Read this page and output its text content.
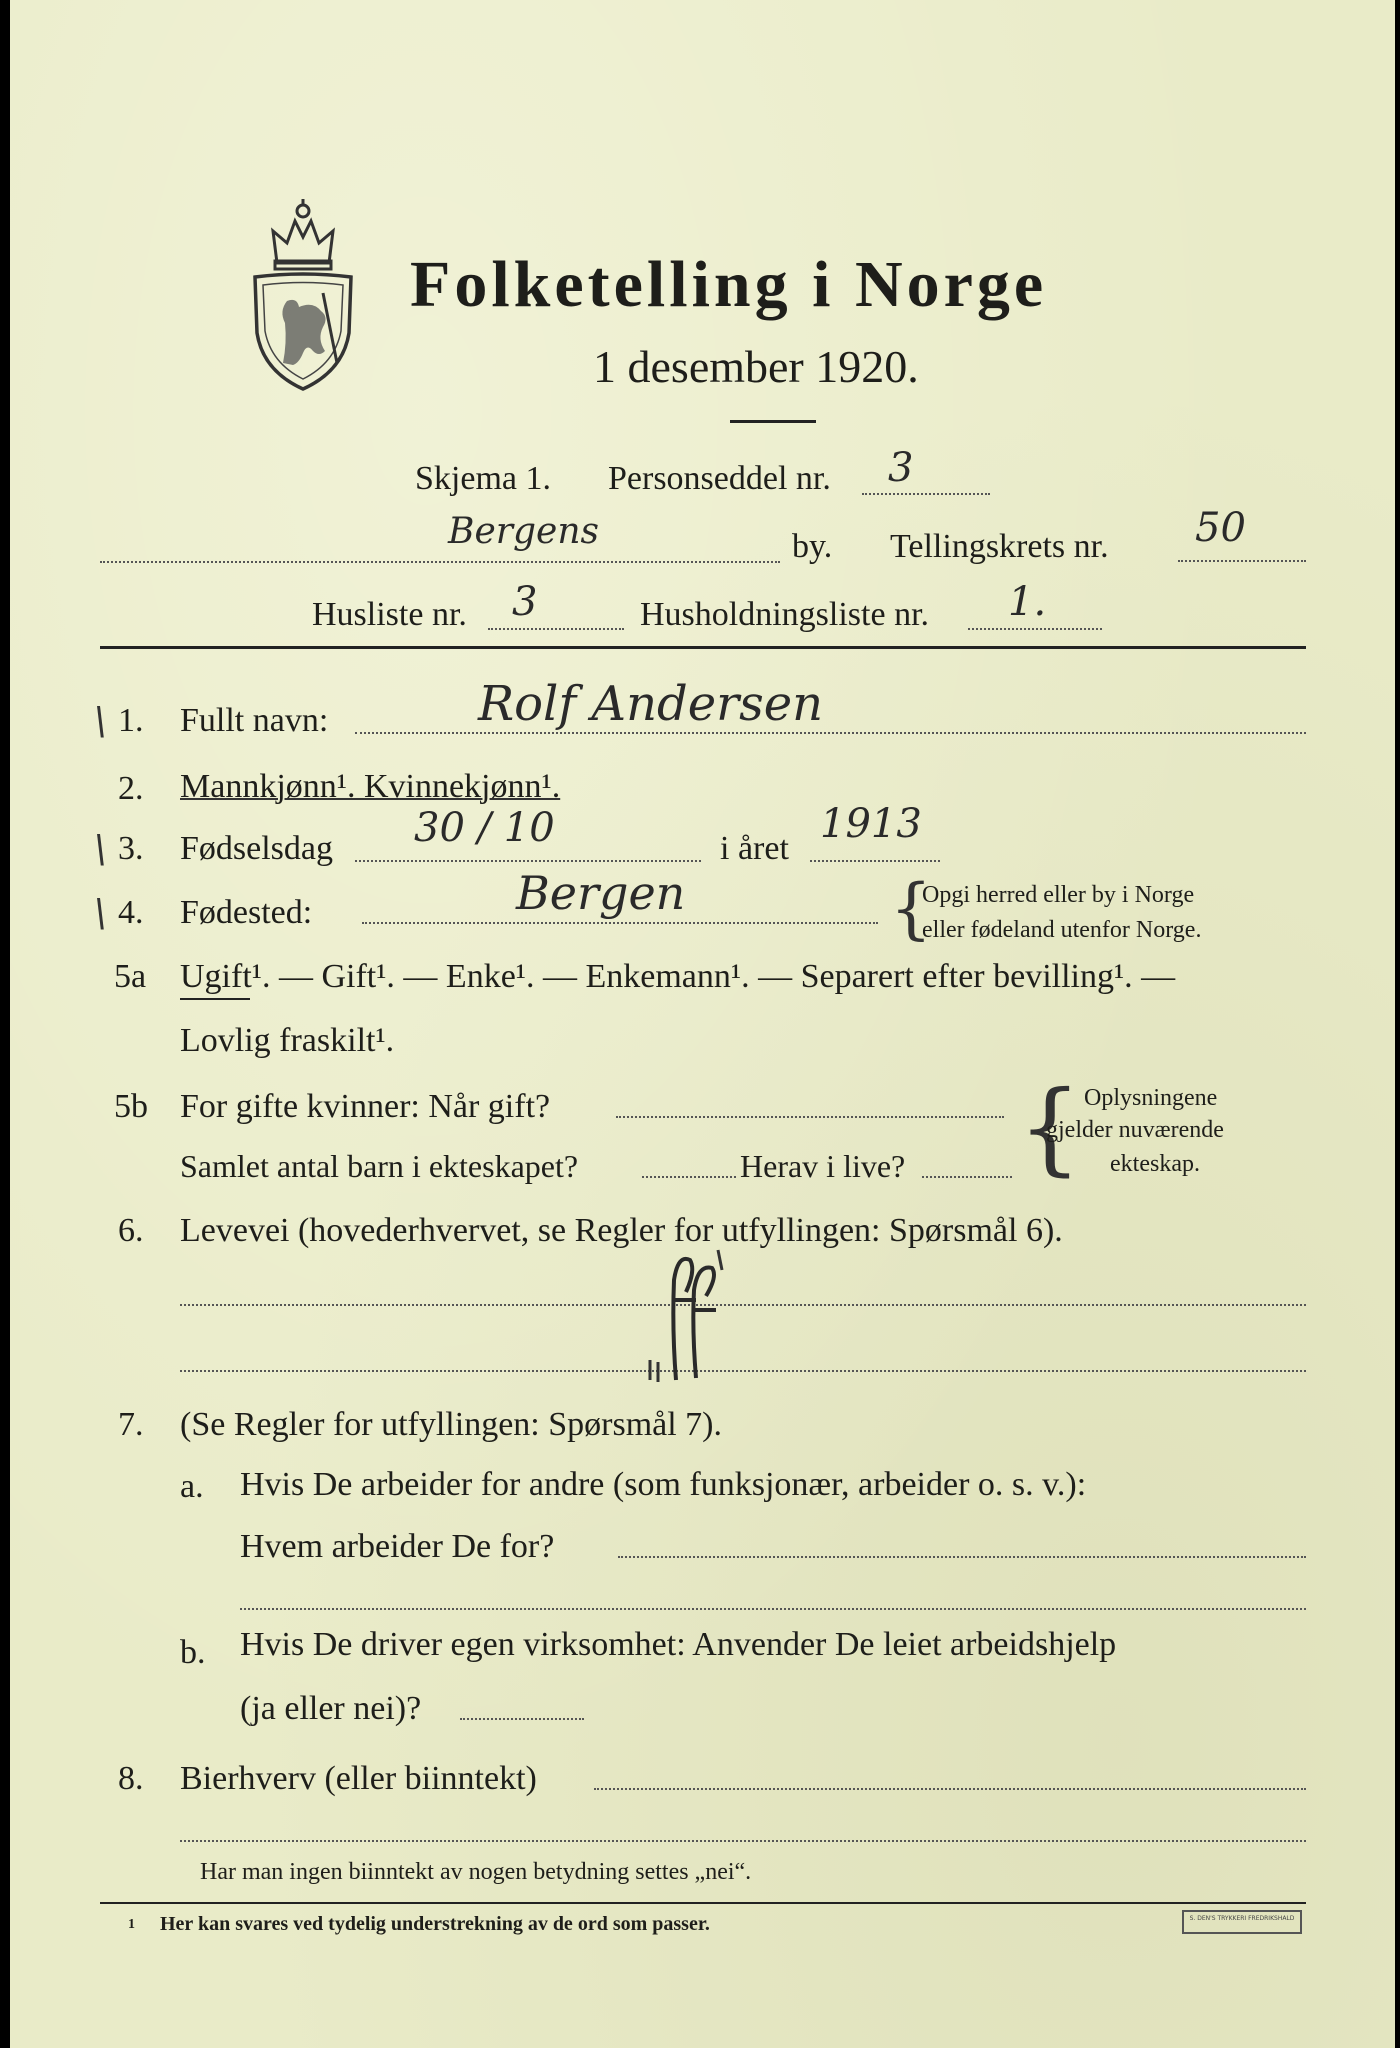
Folketelling i Norge
1 desember 1920.
Skjema 1. Personseddel nr. 3
Bergens	by. Tellingskrets nr. 50
Husliste nr. 3	Husholdningsliste nr. 1.
\ 1. Fullt navn:	Rolf Andersen
2. Mannkjønn¹. Kvinnekjønn¹.
\ 3. Fødselsdag 30 / 10	i året
1913
\ 4. Fødested:	Bergen	{
Opgi herred eller by i Norge
eller fødeland utenfor Norge.
5a Ugift¹. — Gift¹. — Enke¹. — Enkemann¹. — Separert efter bevilling¹. —
Lovlig fraskilt¹.
5b For gifte kvinner: Når gift?
Samlet antal barn i ekteskapet?	Herav i live? { Oplysningene
gjelder nuværende
ekteskap.
6. Levevei (hovederhvervet, se Regler for utfyllingen: Spørsmål 6).
7. (Se Regler for utfyllingen: Spørsmål 7).
a. Hvis De arbeider for andre (som funksjonær, arbeider o. s. v.):
Hvem arbeider De for?
b. Hvis De driver egen virksomhet: Anvender De leiet arbeidshjelp
(ja eller nei)?
8. Bierhverv (eller biinntekt)
Har man ingen biinntekt av nogen betydning settes „nei“.
1 Her kan svares ved tydelig understrekning av de ord som passer.	S. DEN'S TRYKKERI FREDRIKSHALD
